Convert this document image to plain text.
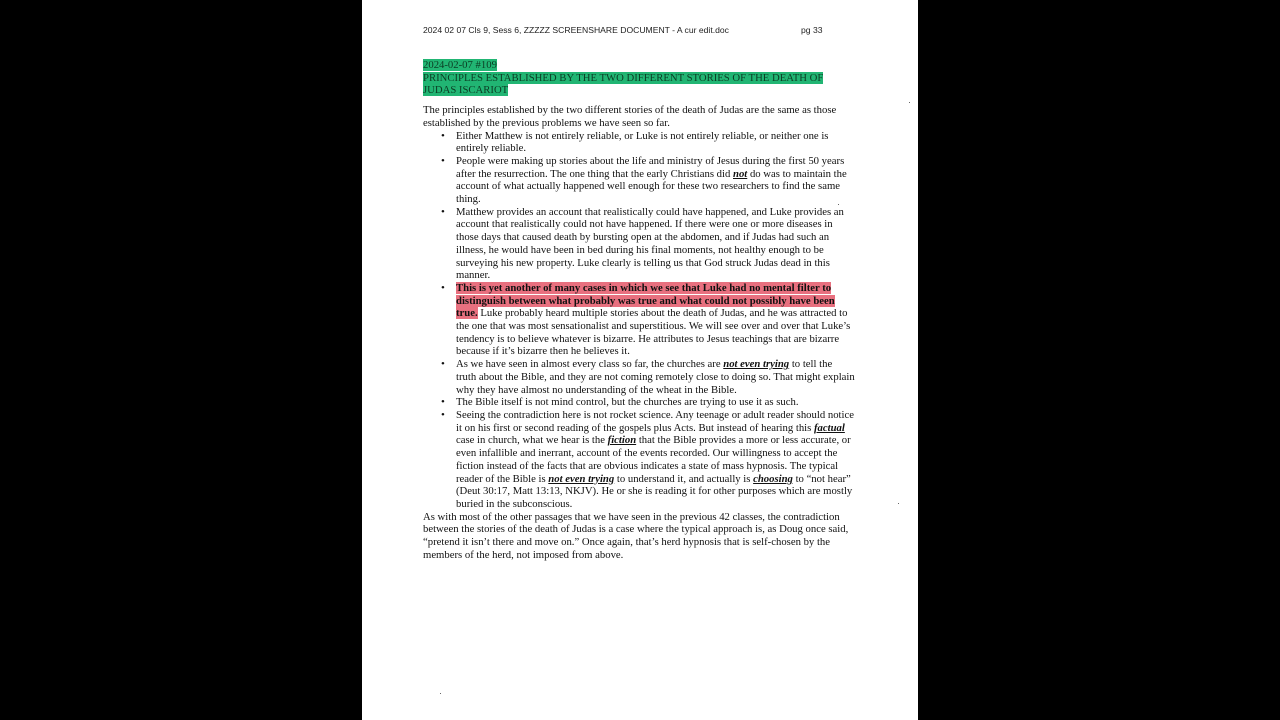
2024 02 07 Cls 9, Sess 6, ZZZZZ SCREENSHARE DOCUMENT - A cur edit.doc	pg 33
2024-02-07 #109
PRINCIPLES ESTABLISHED BY THE TWO DIFFERENT STORIES OF THE DEATH OF
JUDAS ISCARIOT

The principles established by the two different stories of the death of Judas are the same as those established by the previous problems we have seen so far.

• Either Matthew is not entirely reliable, or Luke is not entirely reliable, or neither one is entirely reliable.
• People were making up stories about the life and ministry of Jesus during the first 50 years after the resurrection. The one thing that the early Christians did not do was to maintain the account of what actually happened well enough for these two researchers to find the same thing.
• Matthew provides an account that realistically could have happened, and Luke provides an account that realistically could not have happened. If there were one or more diseases in those days that caused death by bursting open at the abdomen, and if Judas had such an illness, he would have been in bed during his final moments, not healthy enough to be surveying his new property. Luke clearly is telling us that God struck Judas dead in this manner.
• This is yet another of many cases in which we see that Luke had no mental filter to distinguish between what probably was true and what could not possibly have been true. Luke probably heard multiple stories about the death of Judas, and he was attracted to the one that was most sensationalist and superstitious. We will see over and over that Luke’s tendency is to believe whatever is bizarre. He attributes to Jesus teachings that are bizarre because if it’s bizarre then he believes it.
• As we have seen in almost every class so far, the churches are not even trying to tell the truth about the Bible, and they are not coming remotely close to doing so. That might explain why they have almost no understanding of the wheat in the Bible.
• The Bible itself is not mind control, but the churches are trying to use it as such.
• Seeing the contradiction here is not rocket science. Any teenage or adult reader should notice it on his first or second reading of the gospels plus Acts. But instead of hearing this factual case in church, what we hear is the fiction that the Bible provides a more or less accurate, or even infallible and inerrant, account of the events recorded. Our willingness to accept the fiction instead of the facts that are obvious indicates a state of mass hypnosis. The typical reader of the Bible is not even trying to understand it, and actually is choosing to “not hear” (Deut 30:17, Matt 13:13, NKJV). He or she is reading it for other purposes which are mostly buried in the subconscious.

As with most of the other passages that we have seen in the previous 42 classes, the contradiction between the stories of the death of Judas is a case where the typical approach is, as Doug once said, “pretend it isn’t there and move on.” Once again, that’s herd hypnosis that is self-chosen by the members of the herd, not imposed from above.
